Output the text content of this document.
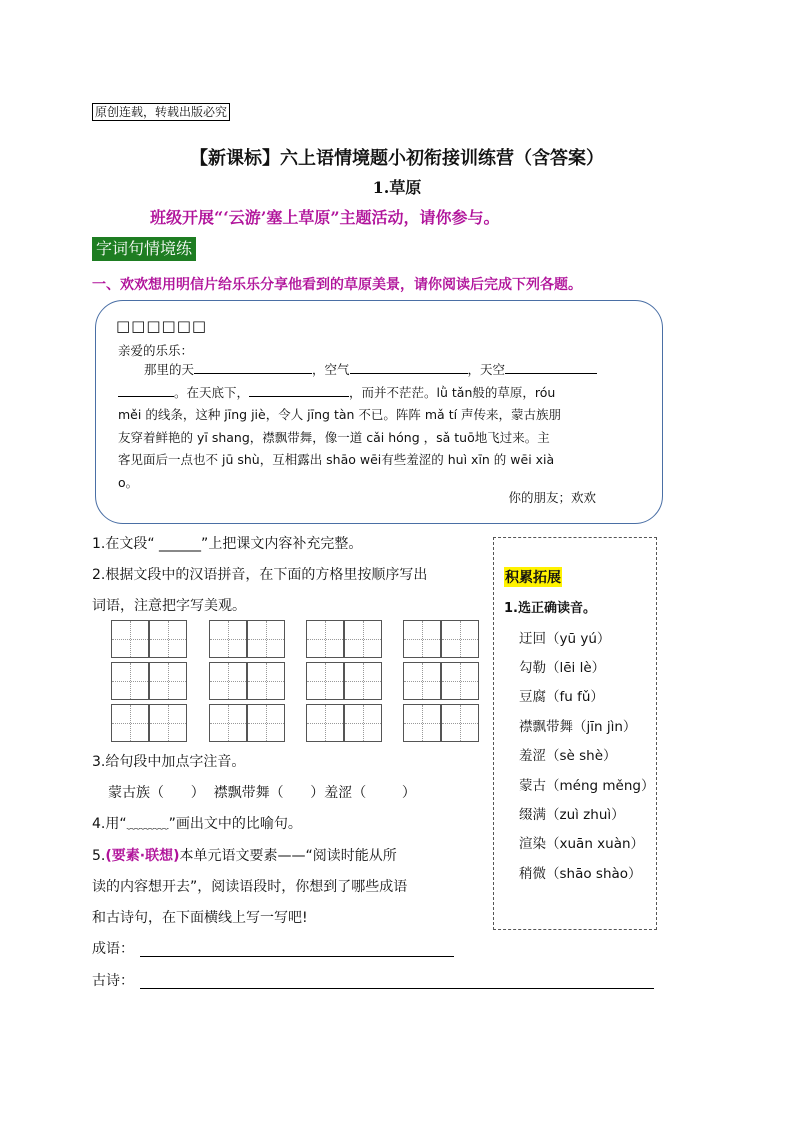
原创连载，转载出版必究
【新课标】六上语情境题小初衔接训练营（含答案）
1.草原
班级开展“‘云游’塞上草原”主题活动，请你参与。
字词句情境练
一、欢欢想用明信片给乐乐分享他看到的草原美景，请你阅读后完成下列各题。
□□□□□□
亲爱的乐乐：
那里的天	，空气	，天空
。在天底下，	，而并不茫茫。lǜ tǎn般的草原，róu
měi 的线条，这种 jīng jiè，令人 jīng tàn 不已。阵阵 mǎ tí 声传来，蒙古族朋
友穿着鲜艳的 yī shang，襟飘带舞，像一道 cǎi hóng ，sǎ tuō地飞过来。主
客见面后一点也不 jū shù，互相露出 shāo wēi有些羞涩的 huì xīn 的 wēi xià
o。
你的朋友；欢欢
1.在文段“ ______”上把课文内容补充完整。
2.根据文段中的汉语拼音，在下面的方格里按顺序写出
词语，注意把字写美观。
3.给句段中加点字注音。
蒙古族（      ）  襟飘带舞（      ）羞涩（        ）
4.用“﹏﹏﹏”画出文中的比喻句。
5.(要素·联想)本单元语文要素——“阅读时能从所
读的内容想开去”，阅读语段时，你想到了哪些成语
和古诗句，在下面横线上写一写吧!
成语：
古诗：
积累拓展
1.选正确读音。
迂回（yū yú）
勾勒（lēi lè）
豆腐（fu fǔ）
襟飘带舞（jīn jìn）
羞涩（sè shè）
蒙古（méng měng）
缀满（zuì zhuì）
渲染（xuān xuàn）
稍微（shāo shào）
